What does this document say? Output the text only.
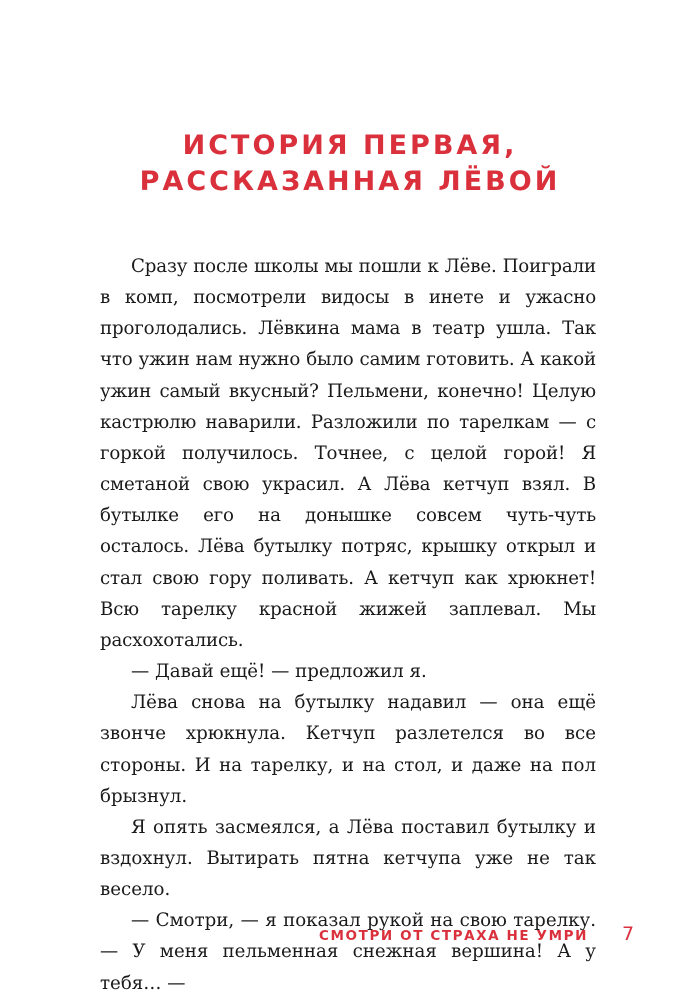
ИСТОРИЯ ПЕРВАЯ,
РАССКАЗАННАЯ ЛЁВОЙ

Сразу после школы мы пошли к Лёве. Поиграли в комп, посмотрели видосы в инете и ужасно проголодались. Лёвкина мама в театр ушла. Так что ужин нам нужно было самим готовить. А какой ужин самый вкусный? Пельмени, конечно! Целую кастрюлю наварили. Разложили по тарелкам — с горкой получилось. Точнее, с целой горой! Я сметаной свою украсил. А Лёва кетчуп взял. В бутылке его на донышке совсем чуть-чуть осталось. Лёва бутылку потряс, крышку открыл и стал свою гору поливать. А кетчуп как хрюкнет! Всю тарелку красной жижей заплевал. Мы расхохотались.

— Давай ещё! — предложил я.

Лёва снова на бутылку надавил — она ещё звонче хрюкнула. Кетчуп разлетелся во все стороны. И на тарелку, и на стол, и даже на пол брызнул.

Я опять засмеялся, а Лёва поставил бутылку и вздохнул. Вытирать пятна кетчупа уже не так весело.

— Смотри, — я показал рукой на свою тарелку. — У меня пельменная снежная вершина! А у тебя… —

СМОТРИ ОТ СТРАХА НЕ УМРИ 7
